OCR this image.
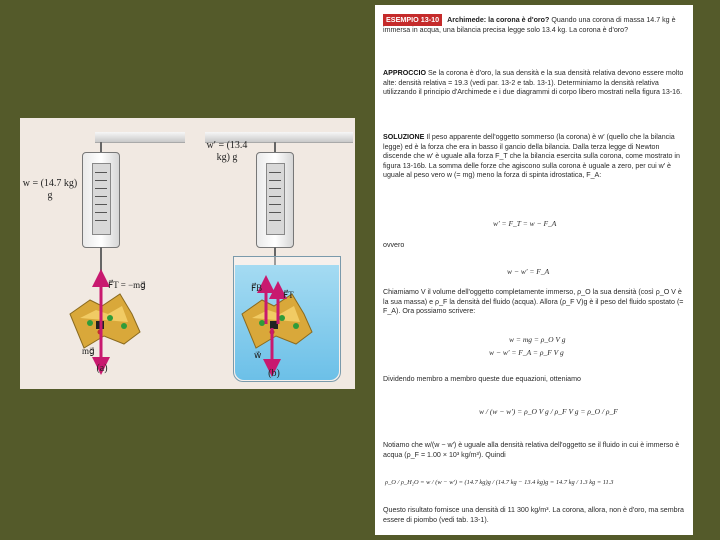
w = (14.7 kg) g
w′ = (13.4 kg) g
F⃗T = −mg⃗
mg⃗
F⃗B
F⃗T
w⃗
(a)	(b)
ESEMPIO 13-10 Archimede: la corona è d'oro? Quando una corona di massa 14.7 kg è immersa in acqua, una bilancia precisa legge solo 13.4 kg. La corona è d'oro?
APPROCCIO Se la corona è d'oro, la sua densità e la sua densità relativa devono essere molto alte: densità relativa = 19.3 (vedi par. 13-2 e tab. 13-1). Determiniamo la densità relativa utilizzando il principio d'Archimede e i due diagrammi di corpo libero mostrati nella figura 13-16.
SOLUZIONE Il peso apparente dell'oggetto sommerso (la corona) è w′ (quello che la bilancia legge) ed è la forza che era in basso il gancio della bilancia. Dalla terza legge di Newton discende che w′ è uguale alla forza F_T che la bilancia esercita sulla corona, come mostrato in figura 13-16b. La somma delle forze che agiscono sulla corona è uguale a zero, per cui w′ è uguale al peso vero w (= mg) meno la forza di spinta idrostatica, F_A:
w′ = F_T = w − F_A
ovvero
w − w′ = F_A
Chiamiamo V il volume dell'oggetto completamente immerso, ρ_O la sua densità (così ρ_O V è la sua massa) e ρ_F la densità del fluido (acqua). Allora (ρ_F V)g è il peso del fluido spostato (= F_A). Ora possiamo scrivere:
w = mg = ρ_O V g
w − w′ = F_A = ρ_F V g
Dividendo membro a membro queste due equazioni, otteniamo
w / (w − w′) = ρ_O V g / ρ_F V g = ρ_O / ρ_F
Notiamo che w/(w − w′) è uguale alla densità relativa dell'oggetto se il fluido in cui è immerso è acqua (ρ_F = 1.00 × 10³ kg/m³). Quindi
ρ_O / ρ_H₂O = w / (w − w′) = (14.7 kg)g / (14.7 kg − 13.4 kg)g = 14.7 kg / 1.3 kg = 11.3
Questo risultato fornisce una densità di 11 300 kg/m³. La corona, allora, non è d'oro, ma sembra essere di piombo (vedi tab. 13-1).
